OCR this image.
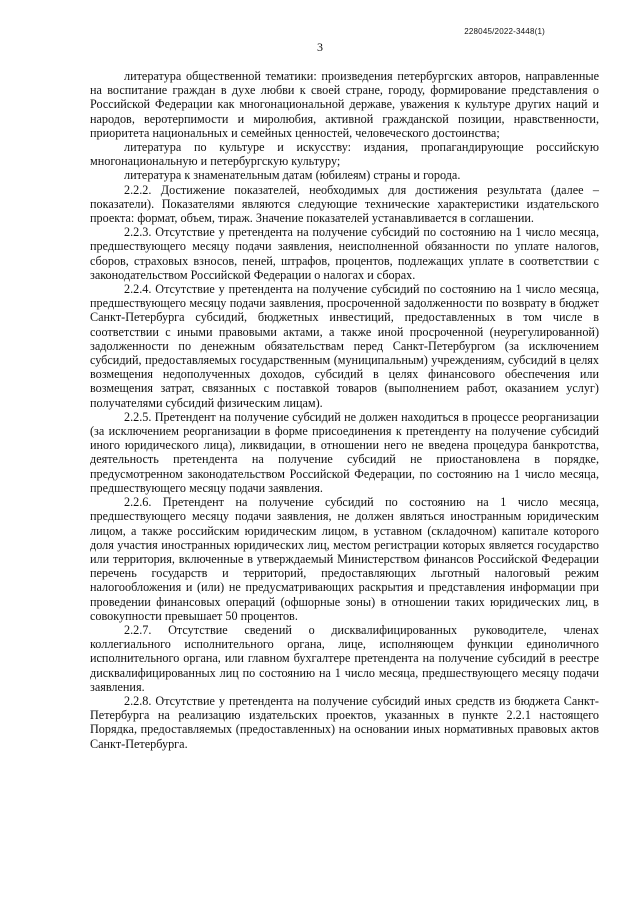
228045/2022-3448(1)
3

литература общественной тематики: произведения петербургских авторов, направленные на воспитание граждан в духе любви к своей стране, городу, формирование представления о Российской Федерации как многонациональной державе, уважения к культуре других наций и народов, веротерпимости и миролюбия, активной гражданской позиции, нравственности, приоритета национальных и семейных ценностей, человеческого достоинства;

литература по культуре и искусству: издания, пропагандирующие российскую многонациональную и петербургскую культуру;

литература к знаменательным датам (юбилеям) страны и города.

2.2.2. Достижение показателей, необходимых для достижения результата (далее – показатели). Показателями являются следующие технические характеристики издательского проекта: формат, объем, тираж. Значение показателей устанавливается в соглашении.

2.2.3. Отсутствие у претендента на получение субсидий по состоянию на 1 число месяца, предшествующего месяцу подачи заявления, неисполненной обязанности по уплате налогов, сборов, страховых взносов, пеней, штрафов, процентов, подлежащих уплате в соответствии с законодательством Российской Федерации о налогах и сборах.

2.2.4. Отсутствие у претендента на получение субсидий по состоянию на 1 число месяца, предшествующего месяцу подачи заявления, просроченной задолженности по возврату в бюджет Санкт-Петербурга субсидий, бюджетных инвестиций, предоставленных в том числе в соответствии с иными правовыми актами, а также иной просроченной (неурегулированной) задолженности по денежным обязательствам перед Санкт-Петербургом (за исключением субсидий, предоставляемых государственным (муниципальным) учреждениям, субсидий в целях возмещения недополученных доходов, субсидий в целях финансового обеспечения или возмещения затрат, связанных с поставкой товаров (выполнением работ, оказанием услуг) получателями субсидий физическим лицам).

2.2.5. Претендент на получение субсидий не должен находиться в процессе реорганизации (за исключением реорганизации в форме присоединения к претенденту на получение субсидий иного юридического лица), ликвидации, в отношении него не введена процедура банкротства, деятельность претендента на получение субсидий не приостановлена в порядке, предусмотренном законодательством Российской Федерации, по состоянию на 1 число месяца, предшествующего месяцу подачи заявления.

2.2.6. Претендент на получение субсидий по состоянию на 1 число месяца, предшествующего месяцу подачи заявления, не должен являться иностранным юридическим лицом, а также российским юридическим лицом, в уставном (складочном) капитале которого доля участия иностранных юридических лиц, местом регистрации которых является государство или территория, включенные в утверждаемый Министерством финансов Российской Федерации перечень государств и территорий, предоставляющих льготный налоговый режим налогообложения и (или) не предусматривающих раскрытия и представления информации при проведении финансовых операций (офшорные зоны) в отношении таких юридических лиц, в совокупности превышает 50 процентов.

2.2.7. Отсутствие сведений о дисквалифицированных руководителе, членах коллегиального исполнительного органа, лице, исполняющем функции единоличного исполнительного органа, или главном бухгалтере претендента на получение субсидий в реестре дисквалифицированных лиц по состоянию на 1 число месяца, предшествующего месяцу подачи заявления.

2.2.8. Отсутствие у претендента на получение субсидий иных средств из бюджета Санкт-Петербурга на реализацию издательских проектов, указанных в пункте 2.2.1 настоящего Порядка, предоставляемых (предоставленных) на основании иных нормативных правовых актов Санкт-Петербурга.
